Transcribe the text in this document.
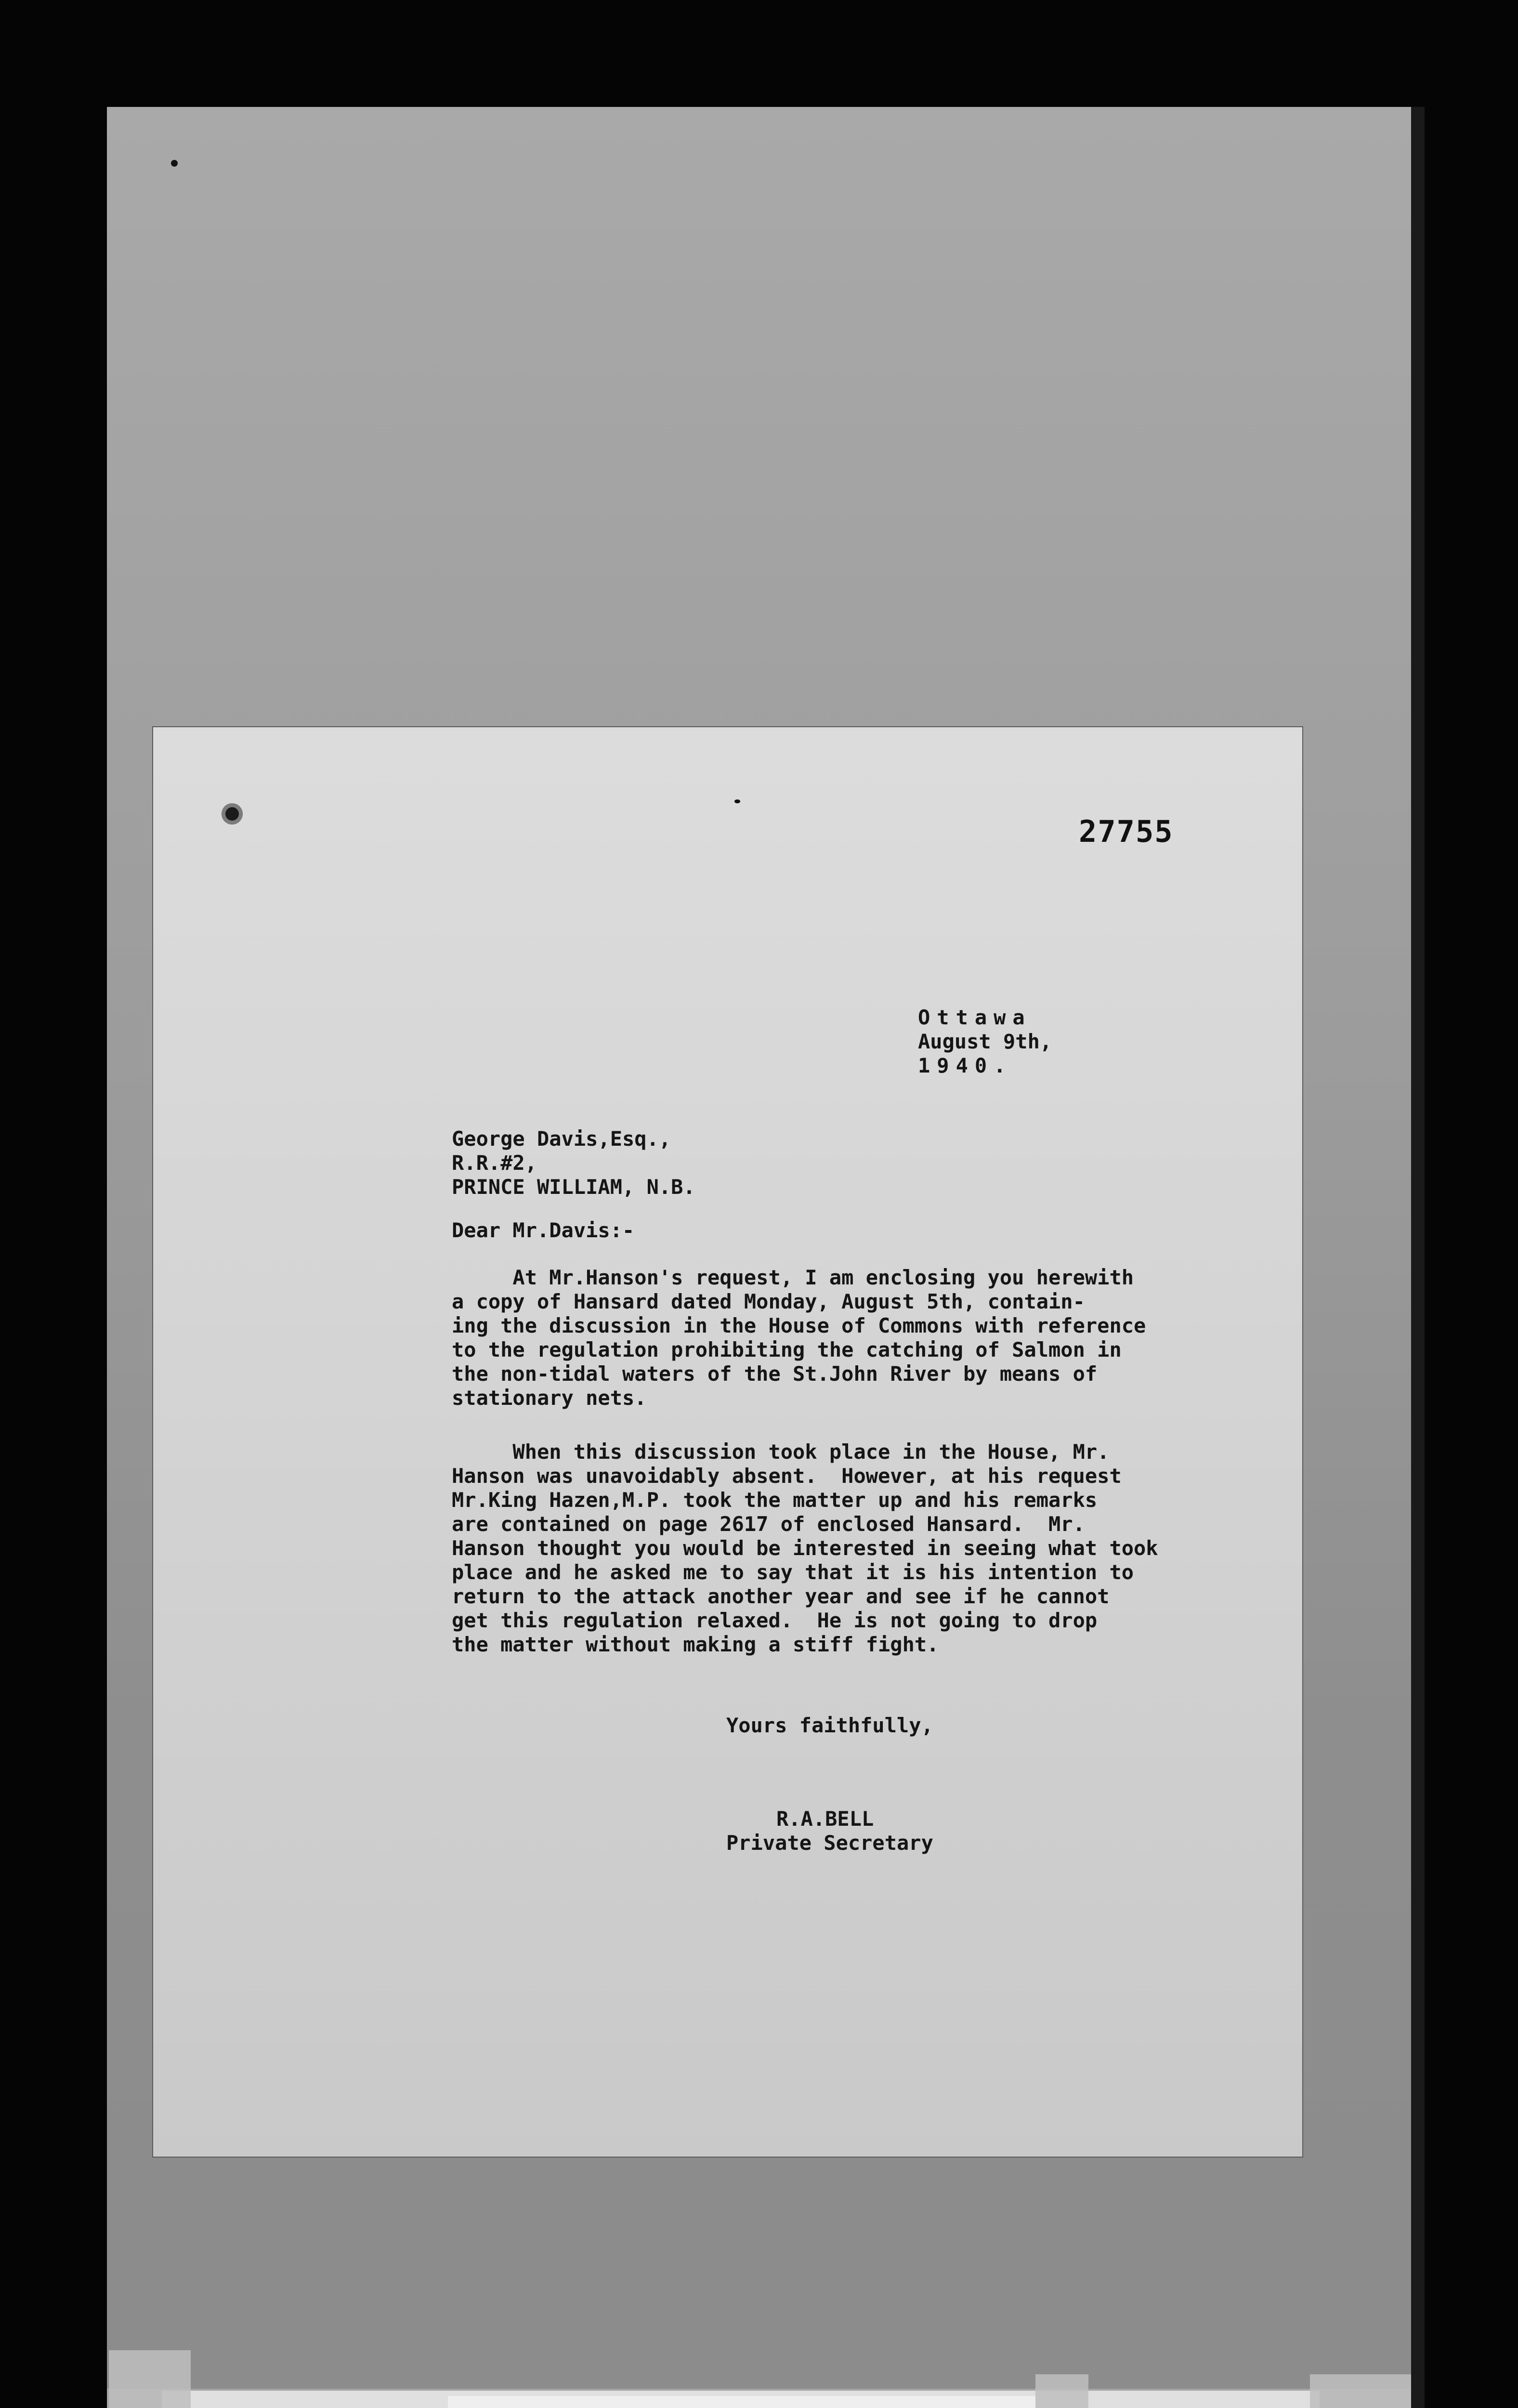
27755
Ottawa
August 9th,
1940.
George Davis,Esq.,
R.R.#2,
PRINCE WILLIAM, N.B.
Dear Mr.Davis:-
At Mr.Hanson's request, I am enclosing you herewith
a copy of Hansard dated Monday, August 5th, contain-
ing the discussion in the House of Commons with reference
to the regulation prohibiting the catching of Salmon in
the non-tidal waters of the St.John River by means of
stationary nets.
When this discussion took place in the House, Mr.
Hanson was unavoidably absent.  However, at his request
Mr.King Hazen,M.P. took the matter up and his remarks
are contained on page 2617 of enclosed Hansard.  Mr.
Hanson thought you would be interested in seeing what took
place and he asked me to say that it is his intention to
return to the attack another year and see if he cannot
get this regulation relaxed.  He is not going to drop
the matter without making a stiff fight.
Yours faithfully,
R.A.BELL
Private Secretary
